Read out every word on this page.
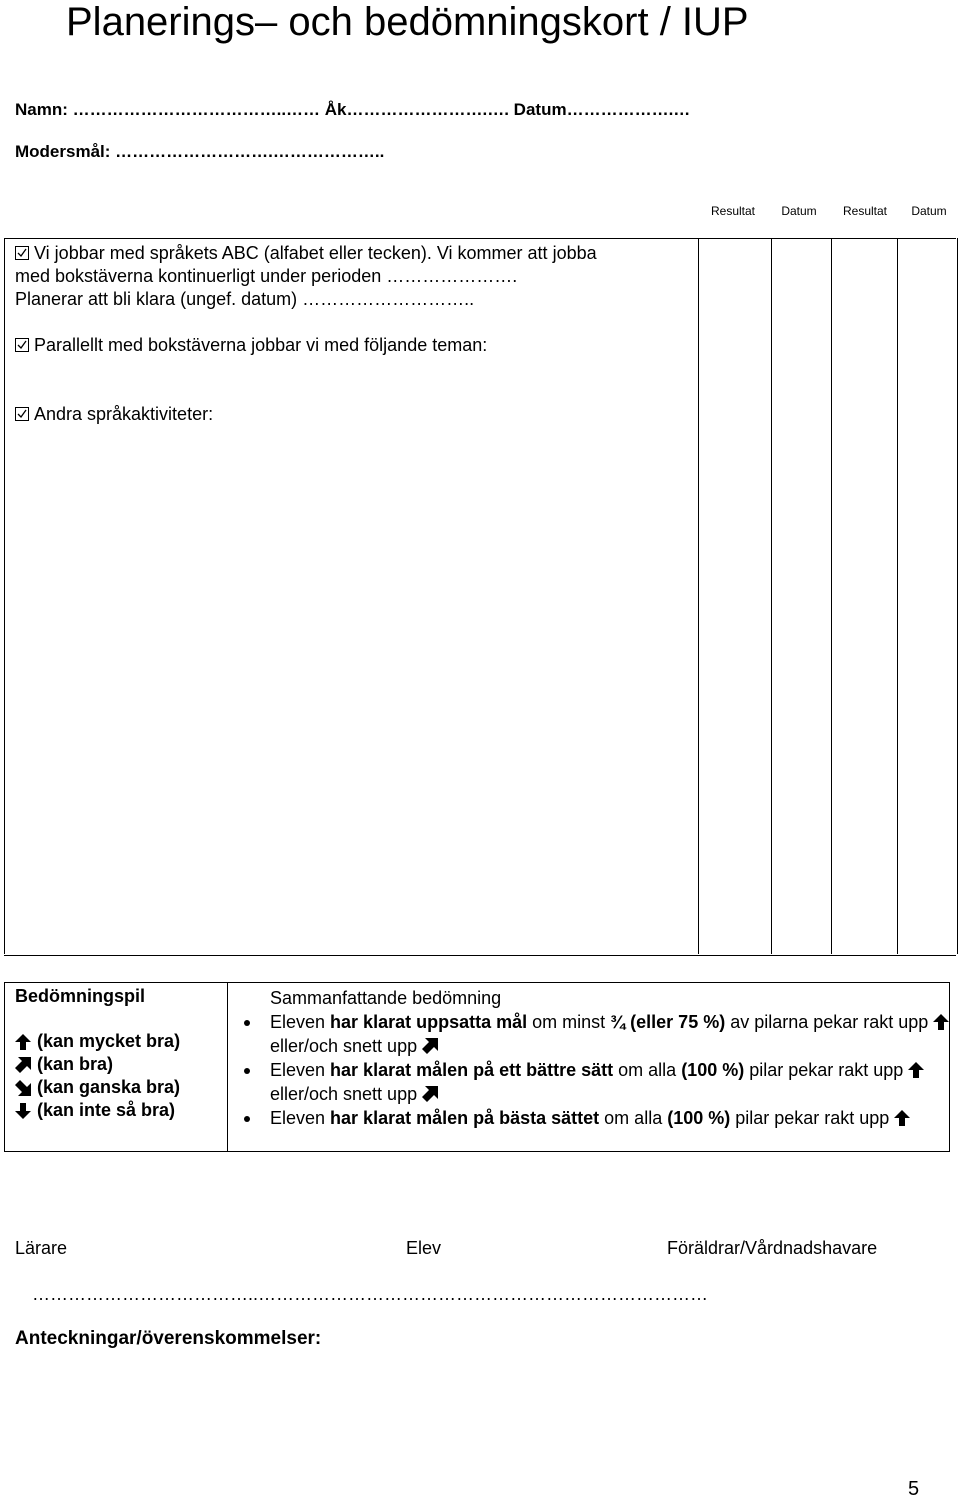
Planerings– och bedömningskort / IUP
Namn: ………………………………..…… Åk…………………….…. Datum……………….…
Modersmål: ……………………….………………..
Resultat	Datum	Resultat	Datum
Vi jobbar med språkets ABC (alfabet eller tecken). Vi kommer att jobba
med bokstäverna kontinuerligt under perioden ………………….
Planerar att bli klara (ungef. datum) ………………………..
Parallellt med bokstäverna jobbar vi med följande teman:
Andra språkaktiviteter:
Bedömningspil
(kan mycket bra)
(kan bra)
(kan ganska bra)
(kan inte så bra)
Sammanfattande bedömning
Eleven har klarat uppsatta mål om minst ¾ (eller 75 %) av pilarna pekar rakt upp  eller/och snett upp
Eleven har klarat målen på ett bättre sätt om alla (100 %) pilar pekar rakt upp  eller/och snett upp
Eleven har klarat målen på bästa sättet om alla (100 %) pilar pekar rakt upp
Lärare	Elev	Föräldrar/Vårdnadshavare
………………………………..…………………………………………………………………
Anteckningar/överenskommelser:
5
